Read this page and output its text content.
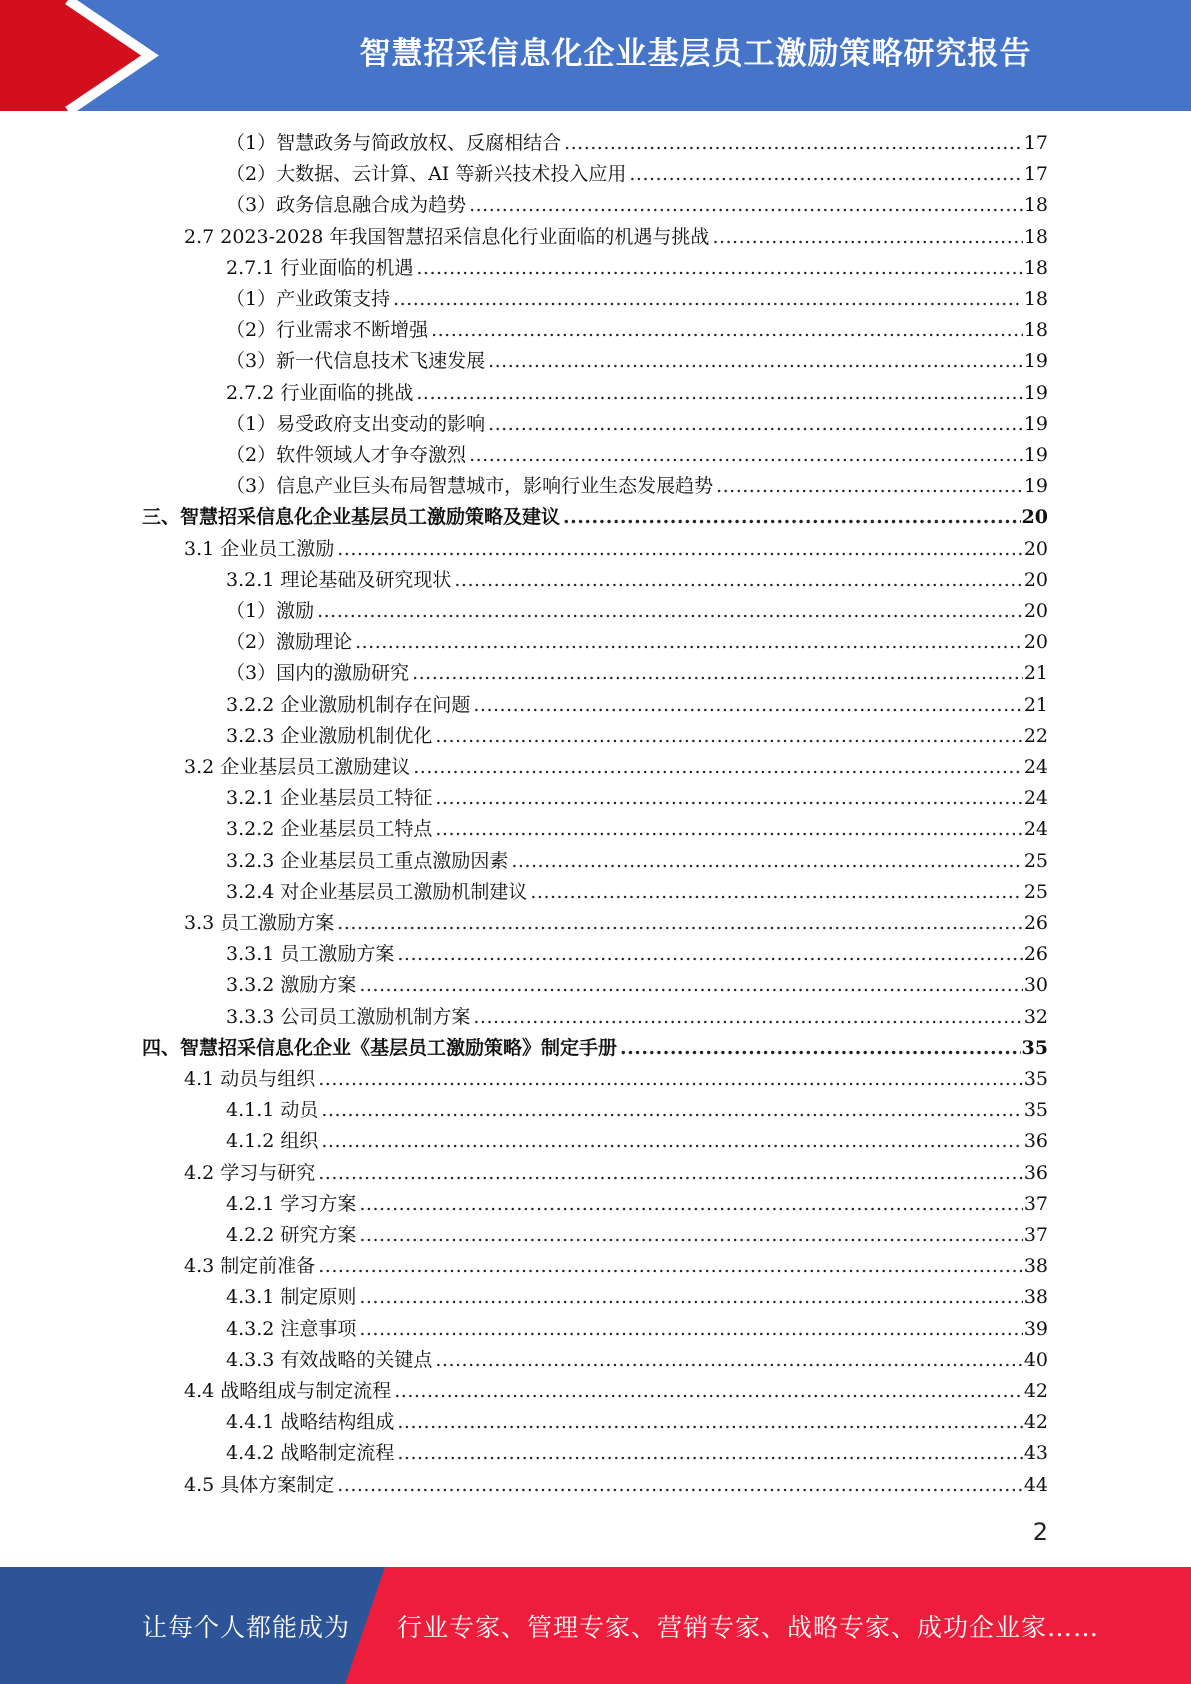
智慧招采信息化企业基层员工激励策略研究报告
（1）智慧政务与简政放权、反腐相结合 .....	17
（2）大数据、云计算、AI 等新兴技术投入应用 .....	17
（3）政务信息融合成为趋势 .....	18
2.7 2023-2028 年我国智慧招采信息化行业面临的机遇与挑战 .....	18
2.7.1 行业面临的机遇 .....	18
（1）产业政策支持 .....	18
（2）行业需求不断增强 .....	18
（3）新一代信息技术飞速发展 .....	19
2.7.2 行业面临的挑战 .....	19
（1）易受政府支出变动的影响 .....	19
（2）软件领域人才争夺激烈 .....	19
（3）信息产业巨头布局智慧城市，影响行业生态发展趋势 .....	19
三、智慧招采信息化企业基层员工激励策略及建议 .....	20
3.1 企业员工激励 .....	20
3.2.1 理论基础及研究现状 .....	20
（1）激励 .....	20
（2）激励理论 .....	20
（3）国内的激励研究 .....	21
3.2.2 企业激励机制存在问题 .....	21
3.2.3 企业激励机制优化 .....	22
3.2 企业基层员工激励建议 .....	24
3.2.1 企业基层员工特征 .....	24
3.2.2 企业基层员工特点 .....	24
3.2.3 企业基层员工重点激励因素 .....	25
3.2.4 对企业基层员工激励机制建议 .....	25
3.3 员工激励方案 .....	26
3.3.1 员工激励方案 .....	26
3.3.2 激励方案 .....	30
3.3.3 公司员工激励机制方案 .....	32
四、智慧招采信息化企业《基层员工激励策略》制定手册 .....	35
4.1 动员与组织 .....	35
4.1.1 动员 .....	35
4.1.2 组织 .....	36
4.2 学习与研究 .....	36
4.2.1 学习方案 .....	37
4.2.2 研究方案 .....	37
4.3 制定前准备 .....	38
4.3.1 制定原则 .....	38
4.3.2 注意事项 .....	39
4.3.3 有效战略的关键点 .....	40
4.4 战略组成与制定流程 .....	42
4.4.1 战略结构组成 .....	42
4.4.2 战略制定流程 .....	43
4.5 具体方案制定 .....	44
2
让每个人都能成为 行业专家、管理专家、营销专家、战略专家、成功企业家……
